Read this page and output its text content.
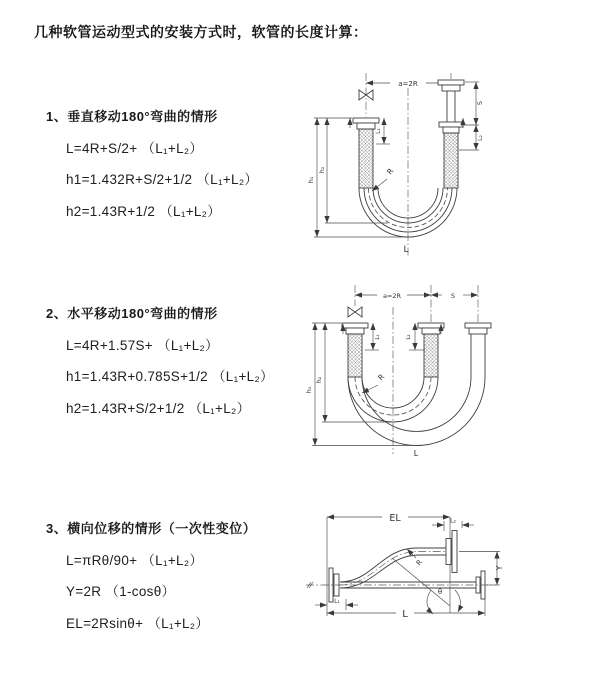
几种软管运动型式的安装方式时，软管的长度计算：
1、垂直移动180°弯曲的情形
L=4R+S/2+ （L₁+L₂）
h1=1.432R+S/2+1/2 （L₁+L₂）
h2=1.43R+1/2 （L₁+L₂）
2、水平移动180°弯曲的情形
L=4R+1.57S+ （L₁+L₂）
h1=1.43R+0.785S+1/2 （L₁+L₂）
h2=1.43R+S/2+1/2 （L₁+L₂）
3、横向位移的情形（一次性变位）
L=πRθ/90+ （L₁+L₂）
Y=2R （1-cosθ）
EL=2Rsinθ+ （L₁+L₂）
a=2R
S
L₂
h₁
h₂
L₁
R
L
a=2R	S
h₁
h₂
L₁	L₂
R
L
EL	L₂
R
θ
Y
L₁
L
